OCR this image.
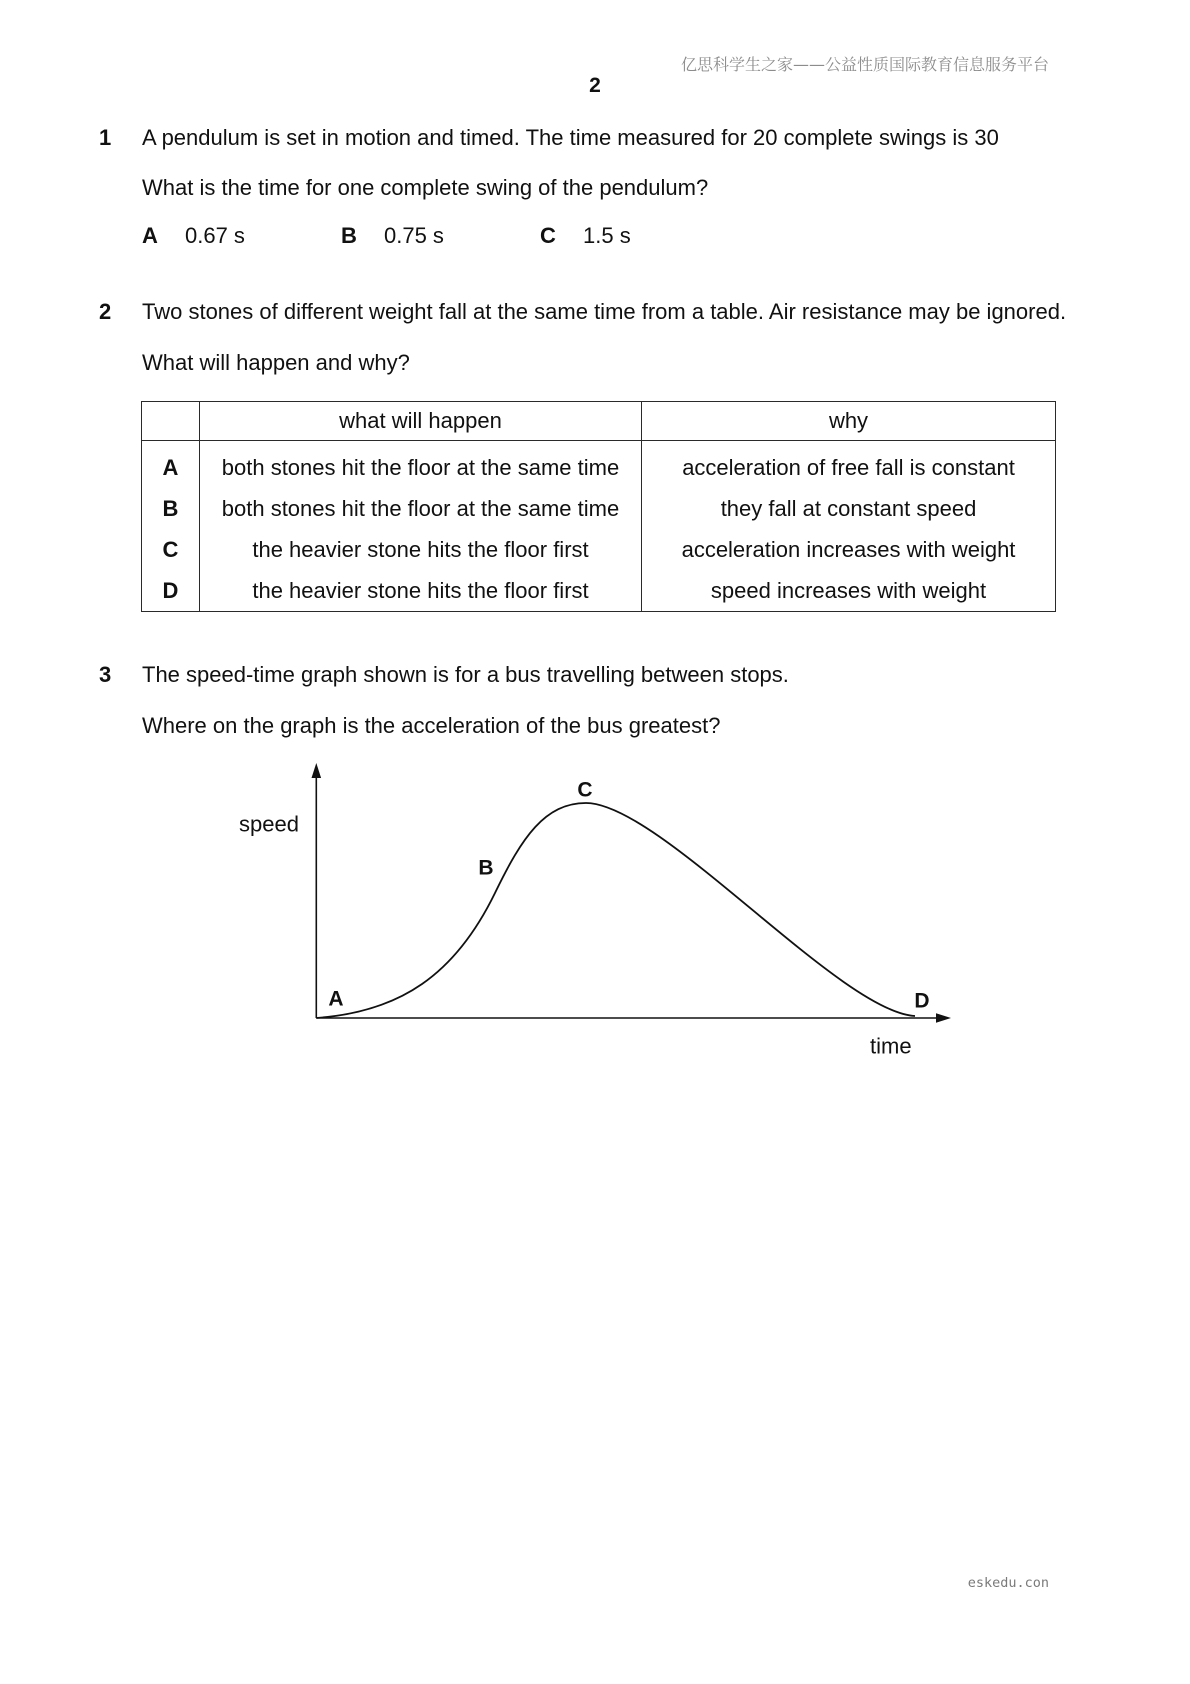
亿思科学生之家——公益性质国际教育信息服务平台
2
1 A pendulum is set in motion and timed. The time measured for 20 complete swings is 30
What is the time for one complete swing of the pendulum?
A 0.67 s	B 0.75 s	C 1.5 s
2 Two stones of different weight fall at the same time from a table. Air resistance may be ignored.
What will happen and why?
	what will happen	why
A	both stones hit the floor at the same time	acceleration of free fall is constant
B	both stones hit the floor at the same time	they fall at constant speed
C	the heavier stone hits the floor first	acceleration increases with weight
D	the heavier stone hits the floor first	speed increases with weight
3 The speed-time graph shown is for a bus travelling between stops.
Where on the graph is the acceleration of the bus greatest?
speed
time
A
B
C
D
eskedu.con
